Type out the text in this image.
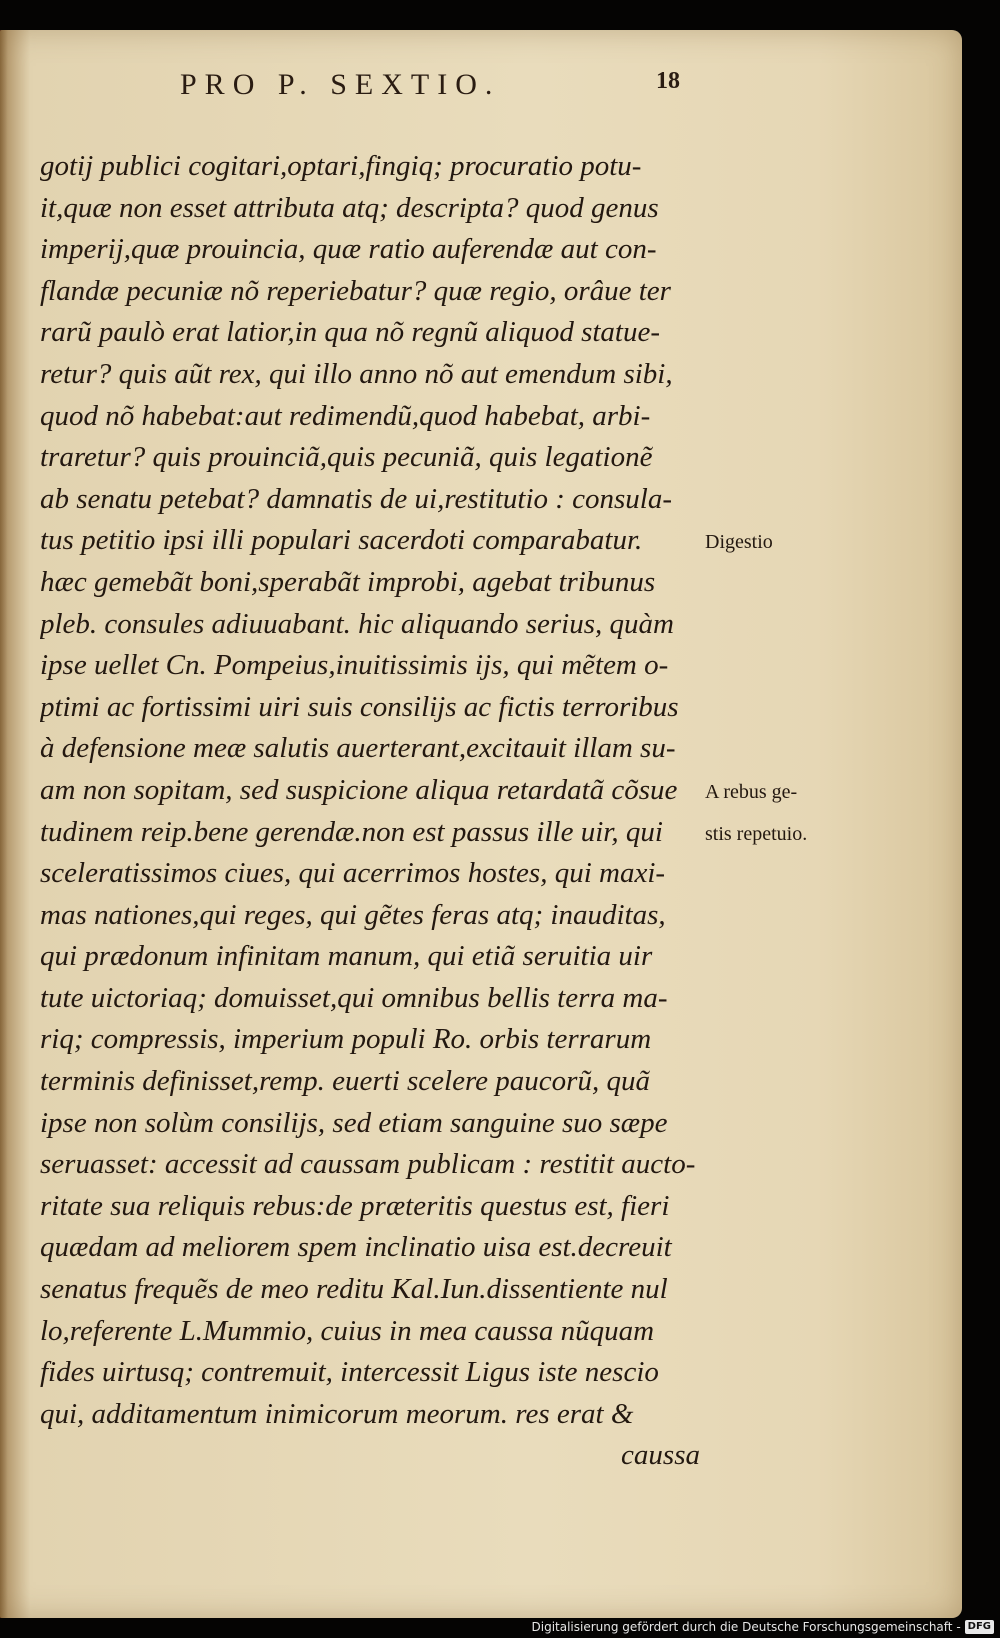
PRO P. SEXTIO.	18
gotij publici cogitari,optari,fingiq; procuratio potu-
it,quæ non esset attributa atq; descripta? quod genus
imperij,quæ prouincia, quæ ratio auferendæ aut con-
flandæ pecuniæ nõ reperiebatur? quæ regio, orâue ter
rarũ paulò erat latior,in qua nõ regnũ aliquod statue-
retur? quis aũt rex, qui illo anno nõ aut emendum sibi,
quod nõ habebat:aut redimendũ,quod habebat, arbi-
traretur? quis prouinciã,quis pecuniã, quis legationẽ
ab senatu petebat? damnatis de ui,restitutio : consula-
tus petitio ipsi illi populari sacerdoti comparabatur.
hæc gemebãt boni,sperabãt improbi, agebat tribunus
pleb. consules adiuuabant. hic aliquando serius, quàm
ipse uellet Cn. Pompeius,inuitissimis ijs, qui mẽtem o-
ptimi ac fortissimi uiri suis consilijs ac fictis terroribus
à defensione meæ salutis auerterant,excitauit illam su-
am non sopitam, sed suspicione aliqua retardatã cõsue
tudinem reip.bene gerendæ.non est passus ille uir, qui
sceleratissimos ciues, qui acerrimos hostes, qui maxi-
mas nationes,qui reges, qui gẽtes feras atq; inauditas,
qui prædonum infinitam manum, qui etiã seruitia uir
tute uictoriaq; domuisset,qui omnibus bellis terra ma-
riq; compressis, imperium populi Ro. orbis terrarum
terminis definisset,remp. euerti scelere paucorũ, quã
ipse non solùm consilijs, sed etiam sanguine suo sæpe
seruasset: accessit ad caussam publicam : restitit aucto-
ritate sua reliquis rebus:de præteritis questus est, fieri
quædam ad meliorem spem inclinatio uisa est.decreuit
senatus frequẽs de meo reditu Kal.Iun.dissentiente nul
lo,referente L.Mummio, cuius in mea caussa nũquam
fides uirtusq; contremuit, intercessit Ligus iste nescio
qui, additamentum inimicorum meorum. res erat &
caussa
Digestio
A rebus ge-
stis repetuio.
Digitalisierung gefördert durch die Deutsche Forschungsgemeinschaft - DFG
